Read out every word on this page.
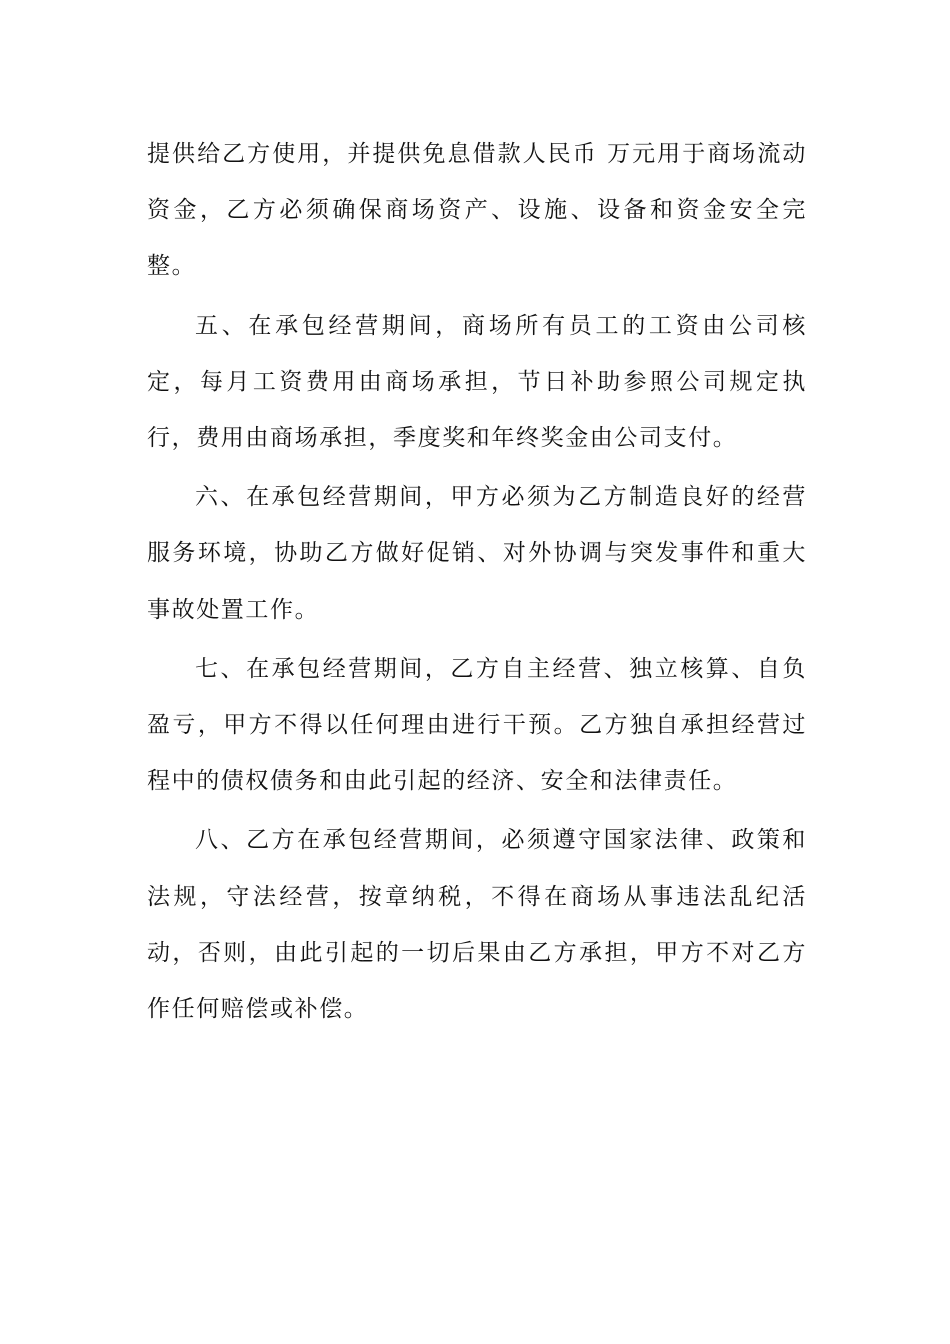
提供给乙方使用，并提供免息借款人民币 万元用于商场流动资金，乙方必须确保商场资产、设施、设备和资金安全完整。

五、在承包经营期间，商场所有员工的工资由公司核定，每月工资费用由商场承担，节日补助参照公司规定执行，费用由商场承担，季度奖和年终奖金由公司支付。

六、在承包经营期间，甲方必须为乙方制造良好的经营服务环境，协助乙方做好促销、对外协调与突发事件和重大事故处置工作。

七、在承包经营期间，乙方自主经营、独立核算、自负盈亏，甲方不得以任何理由进行干预。乙方独自承担经营过程中的债权债务和由此引起的经济、安全和法律责任。

八、乙方在承包经营期间，必须遵守国家法律、政策和法规，守法经营，按章纳税，不得在商场从事违法乱纪活动，否则，由此引起的一切后果由乙方承担，甲方不对乙方作任何赔偿或补偿。
